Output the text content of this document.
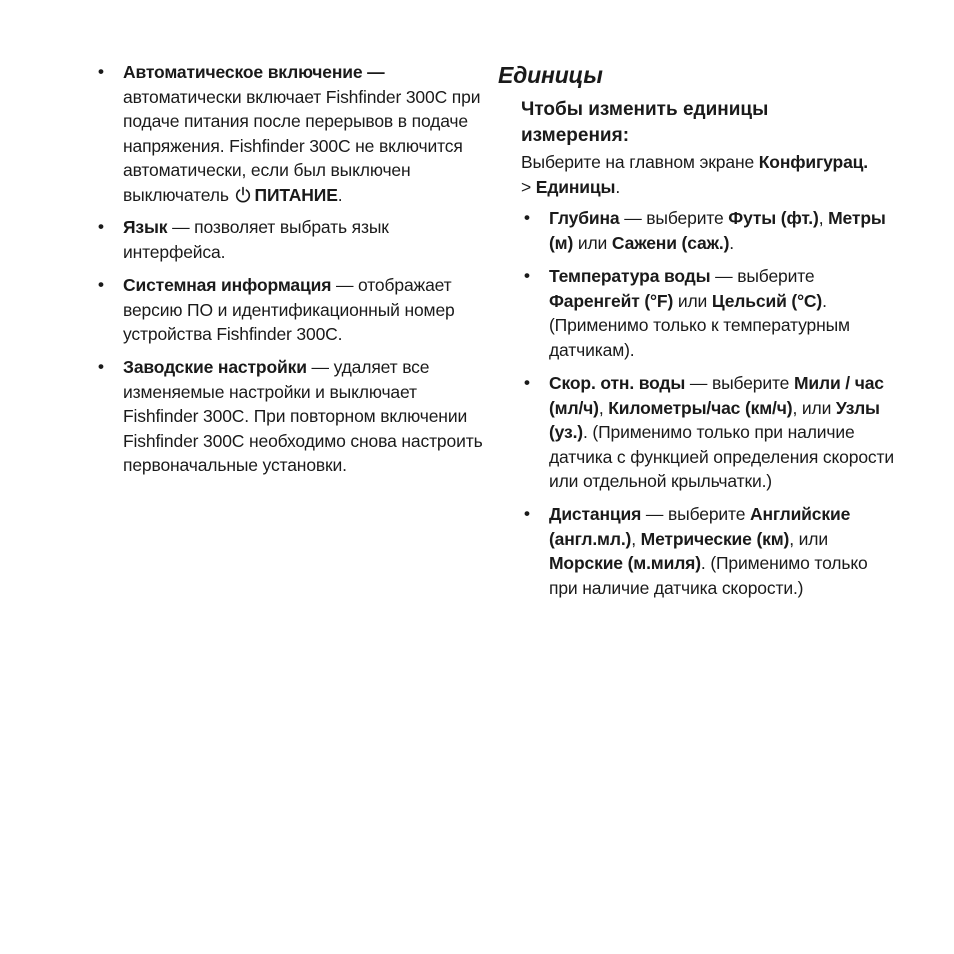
• Автоматическое включение — автоматически включает Fishfinder 300C при подаче питания после перерывов в подаче напряжения. Fishfinder 300C не включится автоматически, если был выключен выключатель ПИТАНИЕ.
• Язык — позволяет выбрать язык интерфейса.
• Системная информация — отображает версию ПО и идентификационный номер устройства Fishfinder 300C.
• Заводские настройки — удаляет все изменяемые настройки и выключает Fishfinder 300C. При повторном включении Fishfinder 300C необходимо снова настроить первоначальные установки.
Единицы
Чтобы изменить единицы измерения:

Выберите на главном экране Конфигурац.
> Единицы.

• Глубина — выберите Футы (фт.), Метры (м) или Сажени (саж.).
• Температура воды — выберите Фаренгейт (°F) или Цельсий (°C). (Применимо только к температурным датчикам).
• Скор. отн. воды — выберите Мили / час (мл/ч), Километры/час (км/ч), или Узлы (уз.). (Применимо только при наличие датчика с функцией определения скорости или отдельной крыльчатки.)
• Дистанция — выберите Английские (англ.мл.), Метрические (км), или Морские (м.миля). (Применимо только при наличие датчика скорости.)
